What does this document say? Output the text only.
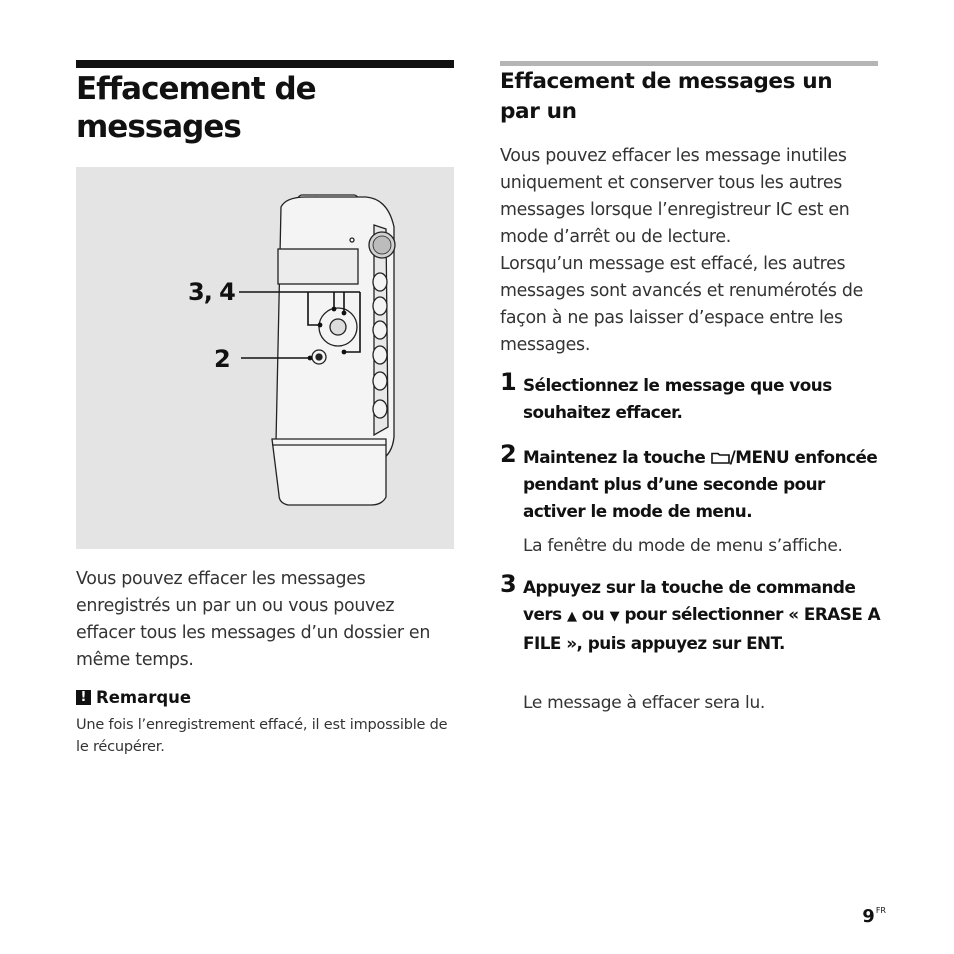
Effacement de
messages
3, 4
2

Vous pouvez effacer les messages enregistrés un par un ou vous pouvez effacer tous les messages d’un dossier en même temps.

! Remarque

Une fois l’enregistrement effacé, il est impossible de le récupérer.

Effacement de messages un par un

Vous pouvez effacer les message inutiles uniquement et conserver tous les autres messages lorsque l’enregistreur IC est en mode d’arrêt ou de lecture.

Lorsqu’un message est effacé, les autres messages sont avancés et renumérotés de façon à ne pas laisser d’espace entre les messages.

1 Sélectionnez le message que vous souhaitez effacer.

2 Maintenez la touche /MENU enfoncée pendant plus d’une seconde pour activer le mode de menu.

La fenêtre du mode de menu s’affiche.

3 Appuyez sur la touche de commande vers ▲ ou ▼ pour sélectionner « ERASE A FILE », puis appuyez sur ENT.

Le message à effacer sera lu.

$9^{FR}$
